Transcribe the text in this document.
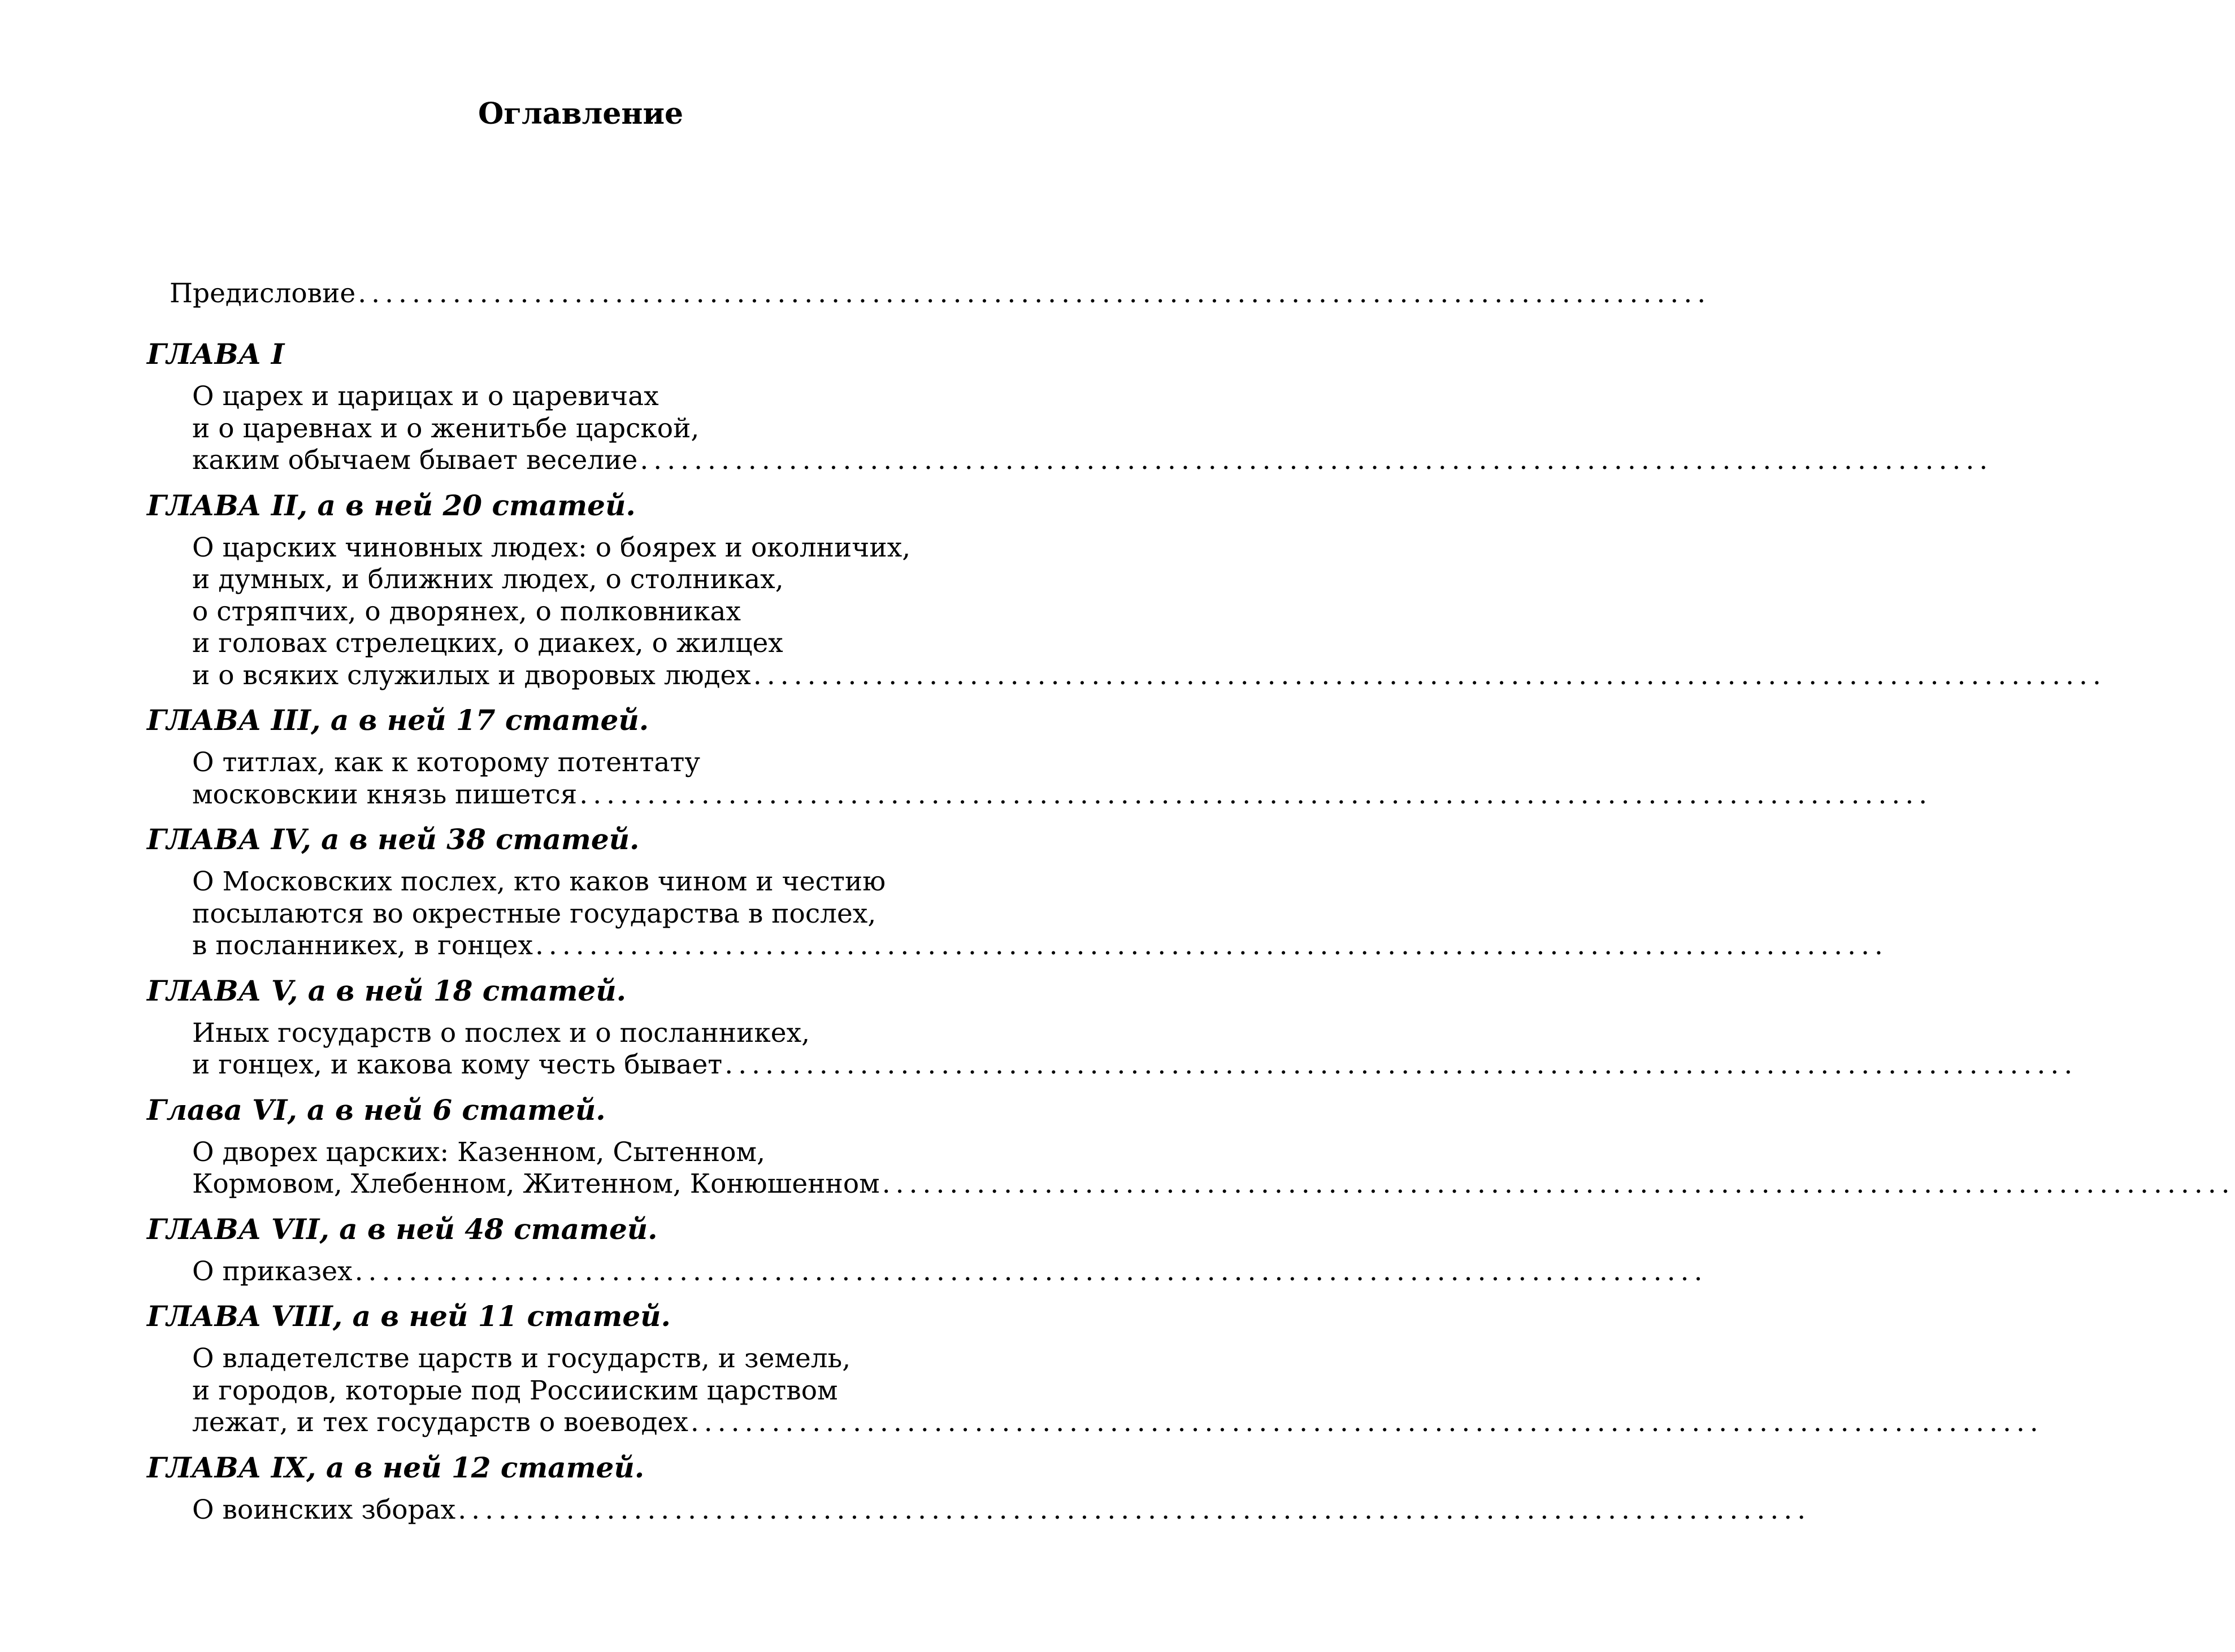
Оглавление
Предисловие ....................................................................................................
ГЛАВА I
О царех и царицах и о царевичах
и о царевнах и о женитьбе царской,
каким обычаем бывает веселие ....................................................................................................
ГЛАВА II, а в ней 20 статей.
О царских чиновных людех: о боярех и околничих,
и думных, и ближних людех, о столниках,
о стряпчих, о дворянех, о полковниках
и головах стрелецких, о диакех, о жилцех
и о всяких служилых и дворовых людех ....................................................................................................
ГЛАВА III, а в ней 17 статей.
О титлах, как к которому потентату
московскии князь пишется ....................................................................................................
ГЛАВА IV, а в ней 38 статей.
О Московских послех, кто каков чином и честию
посылаются во окрестные государства в послех,
в посланникех, в гонцех ....................................................................................................
ГЛАВА V, а в ней 18 статей.
Иных государств о послех и о посланникех,
и гонцех, и какова кому честь бывает ....................................................................................................
Глава VI, а в ней 6 статей.
О дворех царских: Казенном, Сытенном,
Кормовом, Хлебенном, Житенном, Конюшенном ....................................................................................................
ГЛАВА VII, а в ней 48 статей.
О приказех ....................................................................................................
ГЛАВА VIII, а в ней 11 статей.
О владетелстве царств и государств, и земель,
и городов, которые под Россииским царством
лежат, и тех государств о воеводех ....................................................................................................
ГЛАВА IX, а в ней 12 статей.
О воинских зборах ....................................................................................................
